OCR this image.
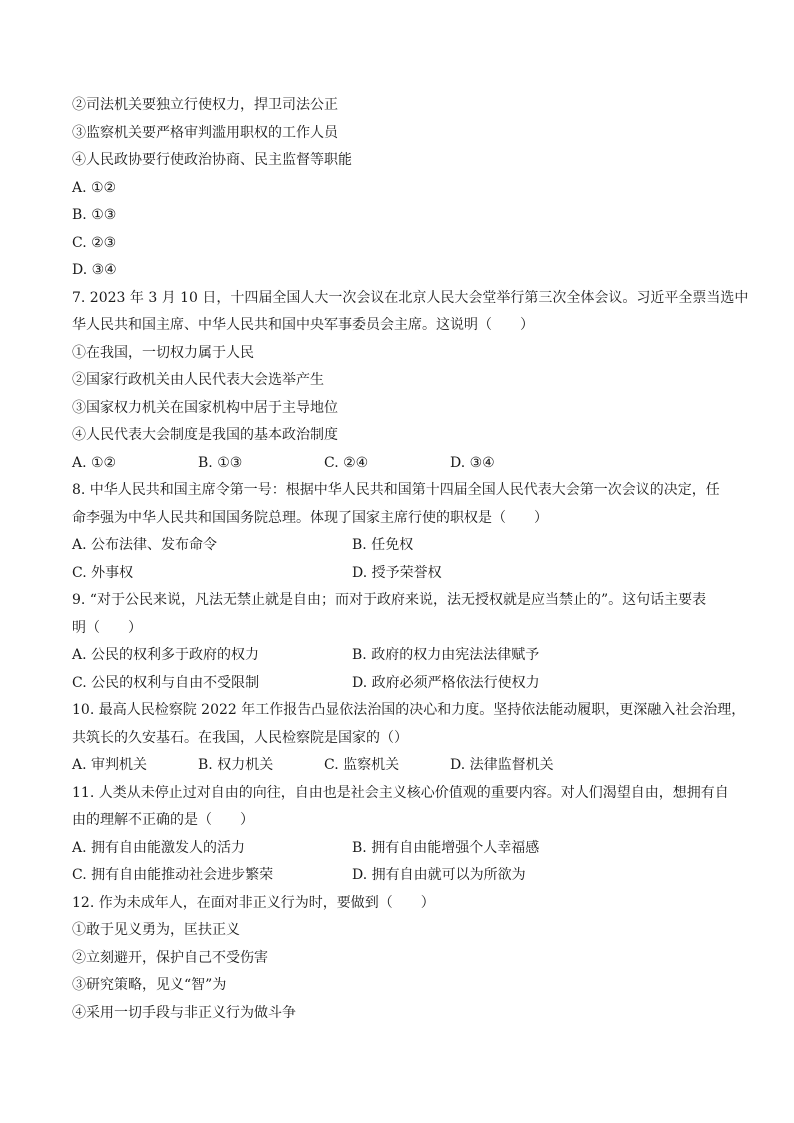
②司法机关要独立行使权力，捍卫司法公正
③监察机关要严格审判滥用职权的工作人员
④人民政协要行使政治协商、民主监督等职能
A. ①②
B. ①③
C. ②③
D. ③④
7. 2023 年 3 月 10 日，十四届全国人大一次会议在北京人民大会堂举行第三次全体会议。习近平全票当选中
华人民共和国主席、中华人民共和国中央军事委员会主席。这说明（　　）
①在我国，一切权力属于人民
②国家行政机关由人民代表大会选举产生
③国家权力机关在国家机构中居于主导地位
④人民代表大会制度是我国的基本政治制度
A. ①②	B. ①③	C. ②④	D. ③④
8. 中华人民共和国主席令第一号：根据中华人民共和国第十四届全国人民代表大会第一次会议的决定，任
命李强为中华人民共和国国务院总理。体现了国家主席行使的职权是（　　）
A. 公布法律、发布命令	B. 任免权
C. 外事权	D. 授予荣誉权
9. “对于公民来说，凡法无禁止就是自由；而对于政府来说，法无授权就是应当禁止的”。这句话主要表
明（　　）
A. 公民的权利多于政府的权力	B. 政府的权力由宪法法律赋予
C. 公民的权利与自由不受限制	D. 政府必须严格依法行使权力
10. 最高人民检察院 2022 年工作报告凸显依法治国的决心和力度。坚持依法能动履职，更深融入社会治理，
共筑长的久安基石。在我国，人民检察院是国家的（）
A. 审判机关	B. 权力机关	C. 监察机关	D. 法律监督机关
11. 人类从未停止过对自由的向往，自由也是社会主义核心价值观的重要内容。对人们渴望自由，想拥有自
由的理解不正确的是（　　）
A. 拥有自由能激发人的活力	B. 拥有自由能增强个人幸福感
C. 拥有自由能推动社会进步繁荣	D. 拥有自由就可以为所欲为
12. 作为未成年人，在面对非正义行为时，要做到（　　）
①敢于见义勇为，匡扶正义
②立刻避开，保护自己不受伤害
③研究策略，见义“智”为
④采用一切手段与非正义行为做斗争
